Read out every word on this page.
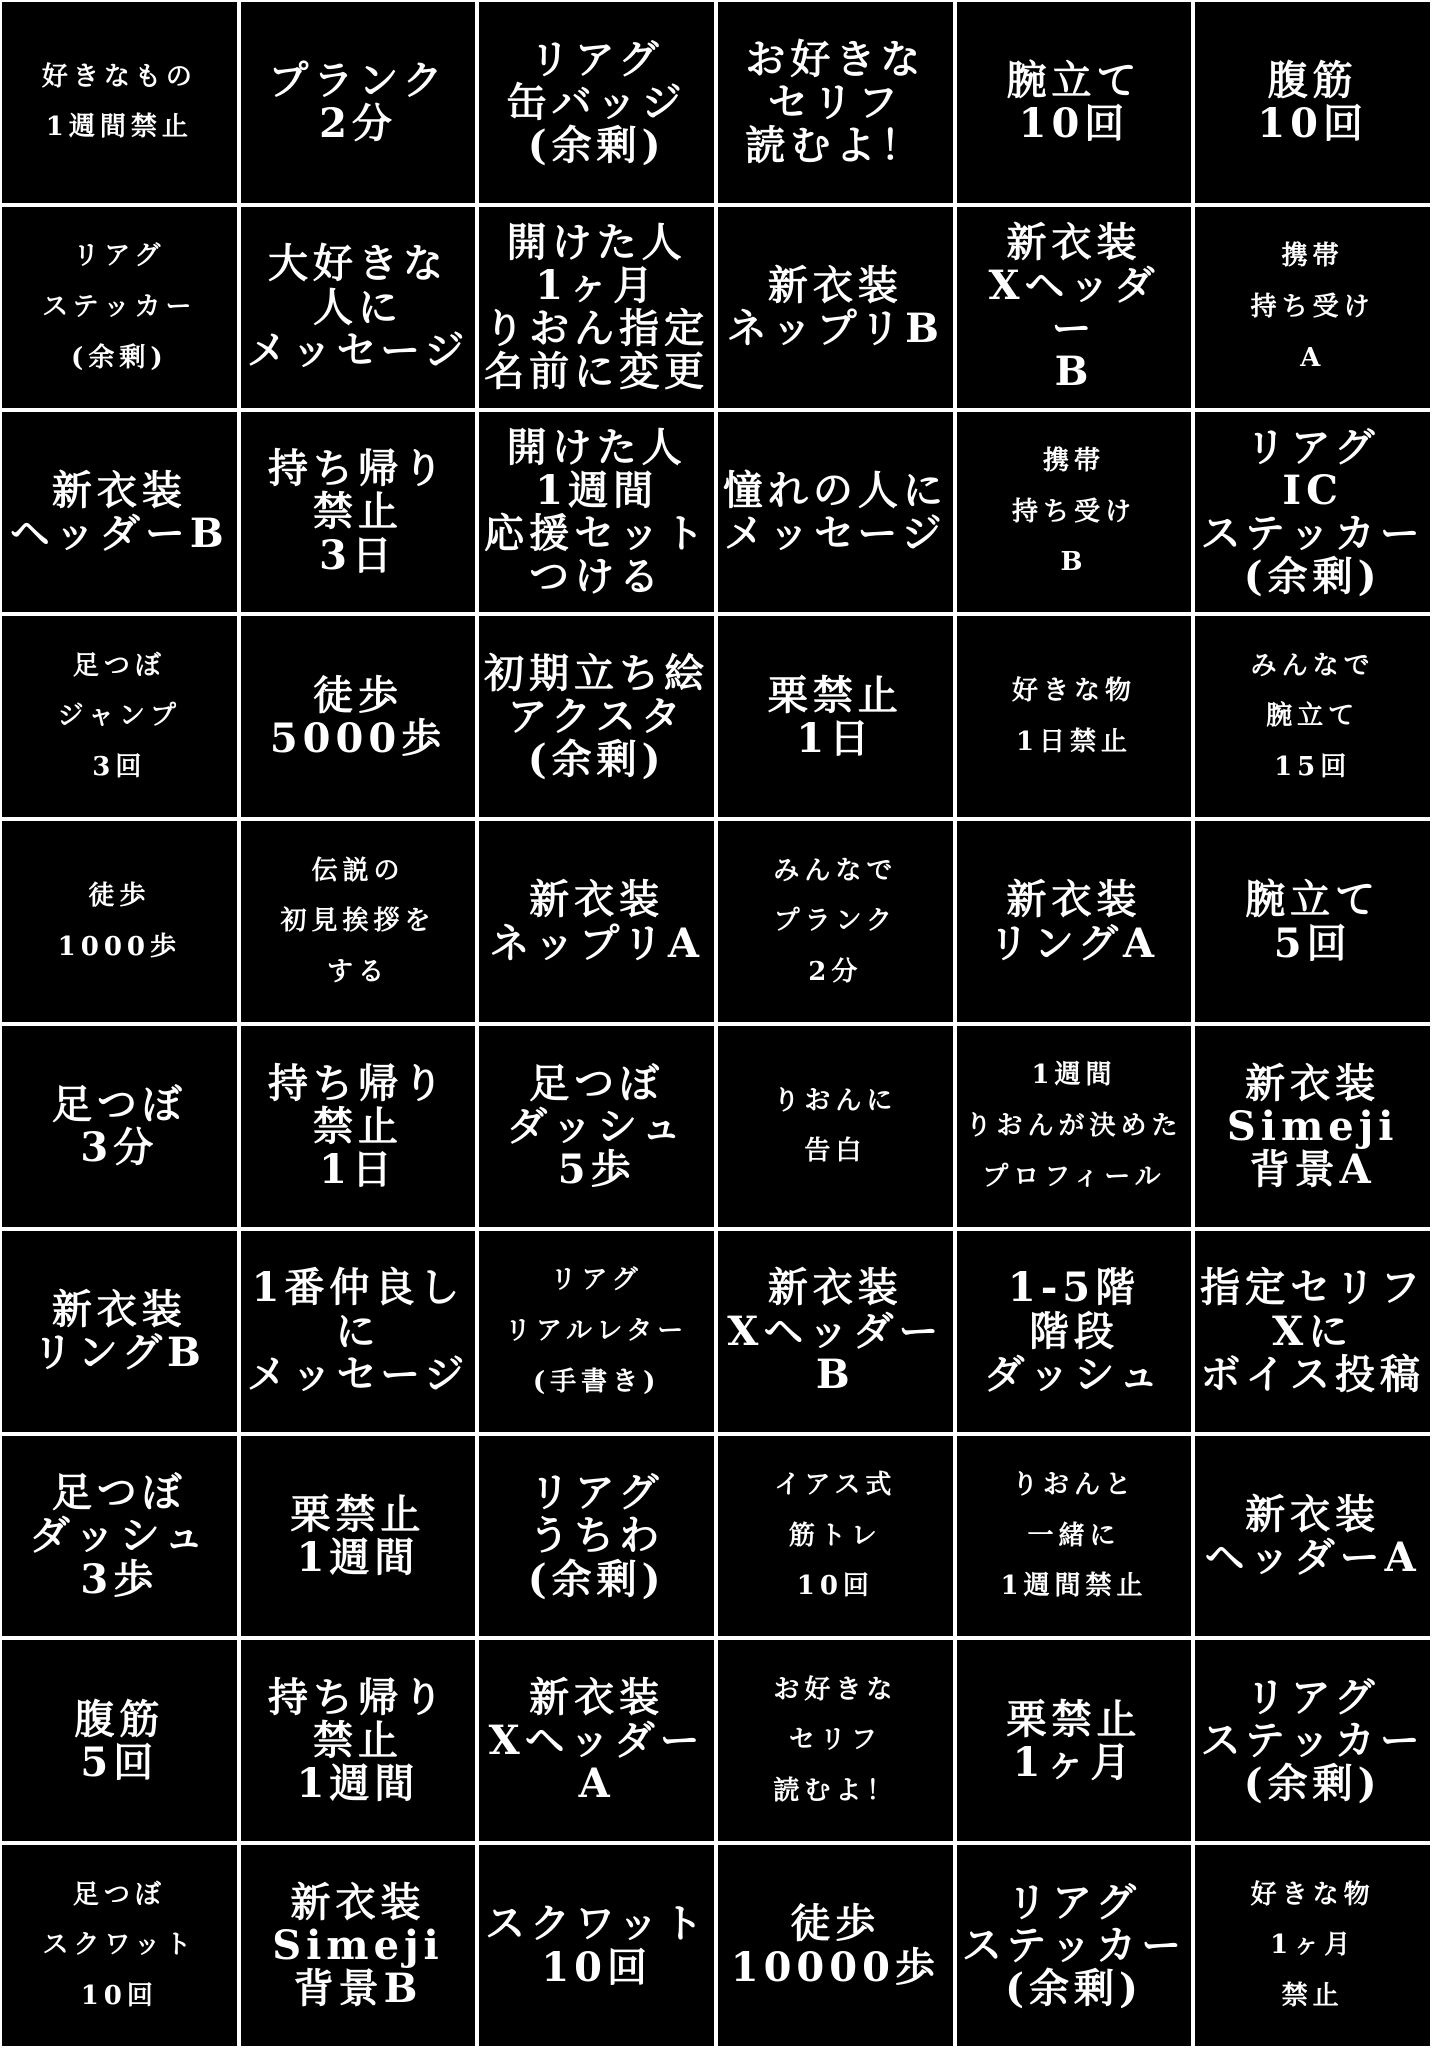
好きなもの
1週間禁止
プランク
2分
リアグ
缶バッジ
(余剰)
お好きな
セリフ
読むよ！
腕立て
10回
腹筋
10回
リアグ
ステッカー
(余剰)
大好きな
人に
メッセージ
開けた人
1ヶ月
りおん指定
名前に変更
新衣装
ネップリB
新衣装
Xヘッダ
ー
B
携帯
持ち受け
A
新衣装
ヘッダーB
持ち帰り
禁止
3日
開けた人
1週間
応援セット
つける
憧れの人に
メッセージ
携帯
持ち受け
B
リアグ
IC
ステッカー
(余剰)
足つぼ
ジャンプ
3回
徒歩
5000歩
初期立ち絵
アクスタ
(余剰)
栗禁止
1日
好きな物
1日禁止
みんなで
腕立て
15回
徒歩
1000歩
伝説の
初見挨拶を
する
新衣装
ネップリA
みんなで
プランク
2分
新衣装
リングA
腕立て
5回
足つぼ
3分
持ち帰り
禁止
1日
足つぼ
ダッシュ
5歩
りおんに
告白
1週間
りおんが決めた
プロフィール
新衣装
Simeji
背景A
新衣装
リングB
1番仲良し
に
メッセージ
リアグ
リアルレター
(手書き)
新衣装
Xヘッダー
B
1-5階
階段
ダッシュ
指定セリフ
Xに
ボイス投稿
足つぼ
ダッシュ
3歩
栗禁止
1週間
リアグ
うちわ
(余剰)
イアス式
筋トレ
10回
りおんと
一緒に
1週間禁止
新衣装
ヘッダーA
腹筋
5回
持ち帰り
禁止
1週間
新衣装
Xヘッダー
A
お好きな
セリフ
読むよ！
栗禁止
1ヶ月
リアグ
ステッカー
(余剰)
足つぼ
スクワット
10回
新衣装
Simeji
背景B
スクワット
10回
徒歩
10000歩
リアグ
ステッカー
(余剰)
好きな物
1ヶ月
禁止
